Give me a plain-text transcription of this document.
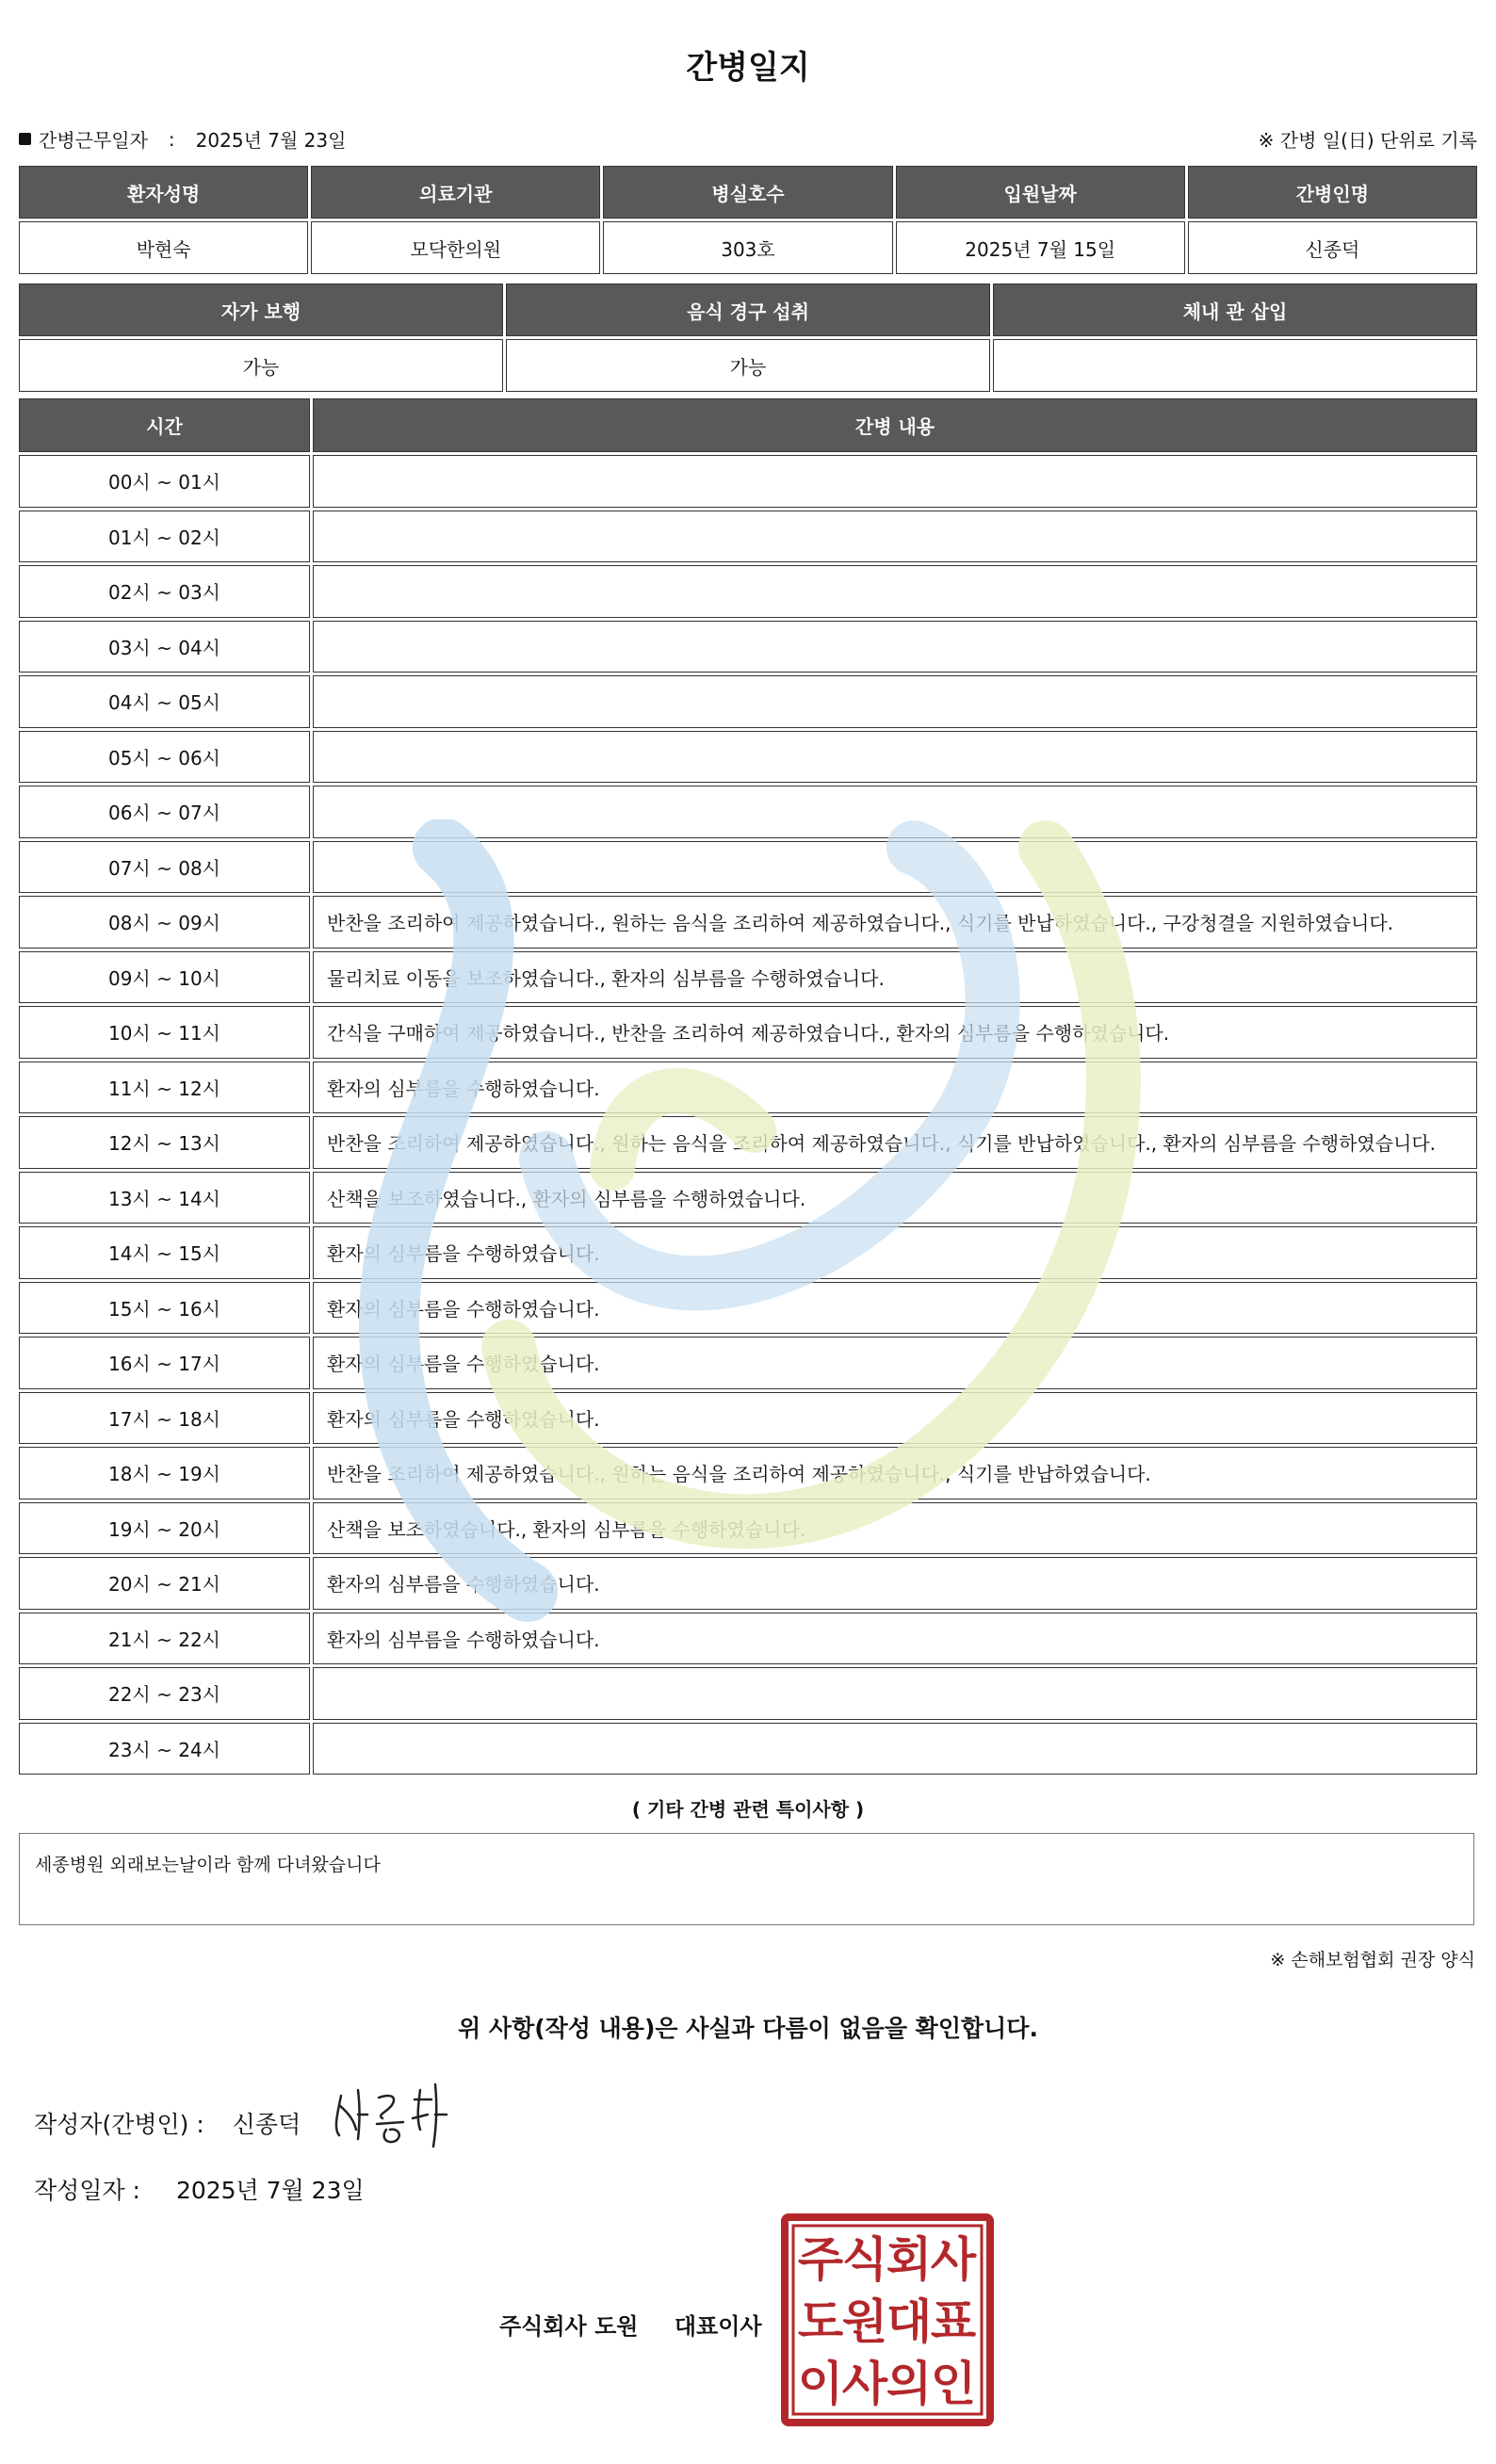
간병일지
간병근무일자 : 2025년 7월 23일	※ 간병 일(日) 단위로 기록
환자성명	의료기관	병실호수	입원날짜	간병인명
박현숙	모닥한의원	303호	2025년 7월 15일	신종덕
자가 보행	음식 경구 섭취	체내 관 삽입
가능	가능	
시간	간병 내용
00시 ~ 01시	
01시 ~ 02시	
02시 ~ 03시	
03시 ~ 04시	
04시 ~ 05시	
05시 ~ 06시	
06시 ~ 07시	
07시 ~ 08시	
08시 ~ 09시	반찬을 조리하여 제공하였습니다., 원하는 음식을 조리하여 제공하였습니다., 식기를 반납하였습니다., 구강청결을 지원하였습니다.
09시 ~ 10시	물리치료 이동을 보조하였습니다., 환자의 심부름을 수행하였습니다.
10시 ~ 11시	간식을 구매하여 제공하였습니다., 반찬을 조리하여 제공하였습니다., 환자의 심부름을 수행하였습니다.
11시 ~ 12시	환자의 심부름을 수행하였습니다.
12시 ~ 13시	반찬을 조리하여 제공하였습니다., 원하는 음식을 조리하여 제공하였습니다., 식기를 반납하였습니다., 환자의 심부름을 수행하였습니다.
13시 ~ 14시	산책을 보조하였습니다., 환자의 심부름을 수행하였습니다.
14시 ~ 15시	환자의 심부름을 수행하였습니다.
15시 ~ 16시	환자의 심부름을 수행하였습니다.
16시 ~ 17시	환자의 심부름을 수행하였습니다.
17시 ~ 18시	환자의 심부름을 수행하였습니다.
18시 ~ 19시	반찬을 조리하여 제공하였습니다., 원하는 음식을 조리하여 제공하였습니다., 식기를 반납하였습니다.
19시 ~ 20시	산책을 보조하였습니다., 환자의 심부름을 수행하였습니다.
20시 ~ 21시	환자의 심부름을 수행하였습니다.
21시 ~ 22시	환자의 심부름을 수행하였습니다.
22시 ~ 23시	
23시 ~ 24시	
( 기타 간병 관련 특이사항 )
세종병원 외래보는날이라 함께 다녀왔습니다
※ 손해보험협회 권장 양식
위 사항(작성 내용)은 사실과 다름이 없음을 확인합니다.
작성자(간병인) : 신종덕
작성일자 : 2025년 7월 23일
주식회사 도원 대표이사
주
식
회
사
도
원
대
표
이
사
의
인
